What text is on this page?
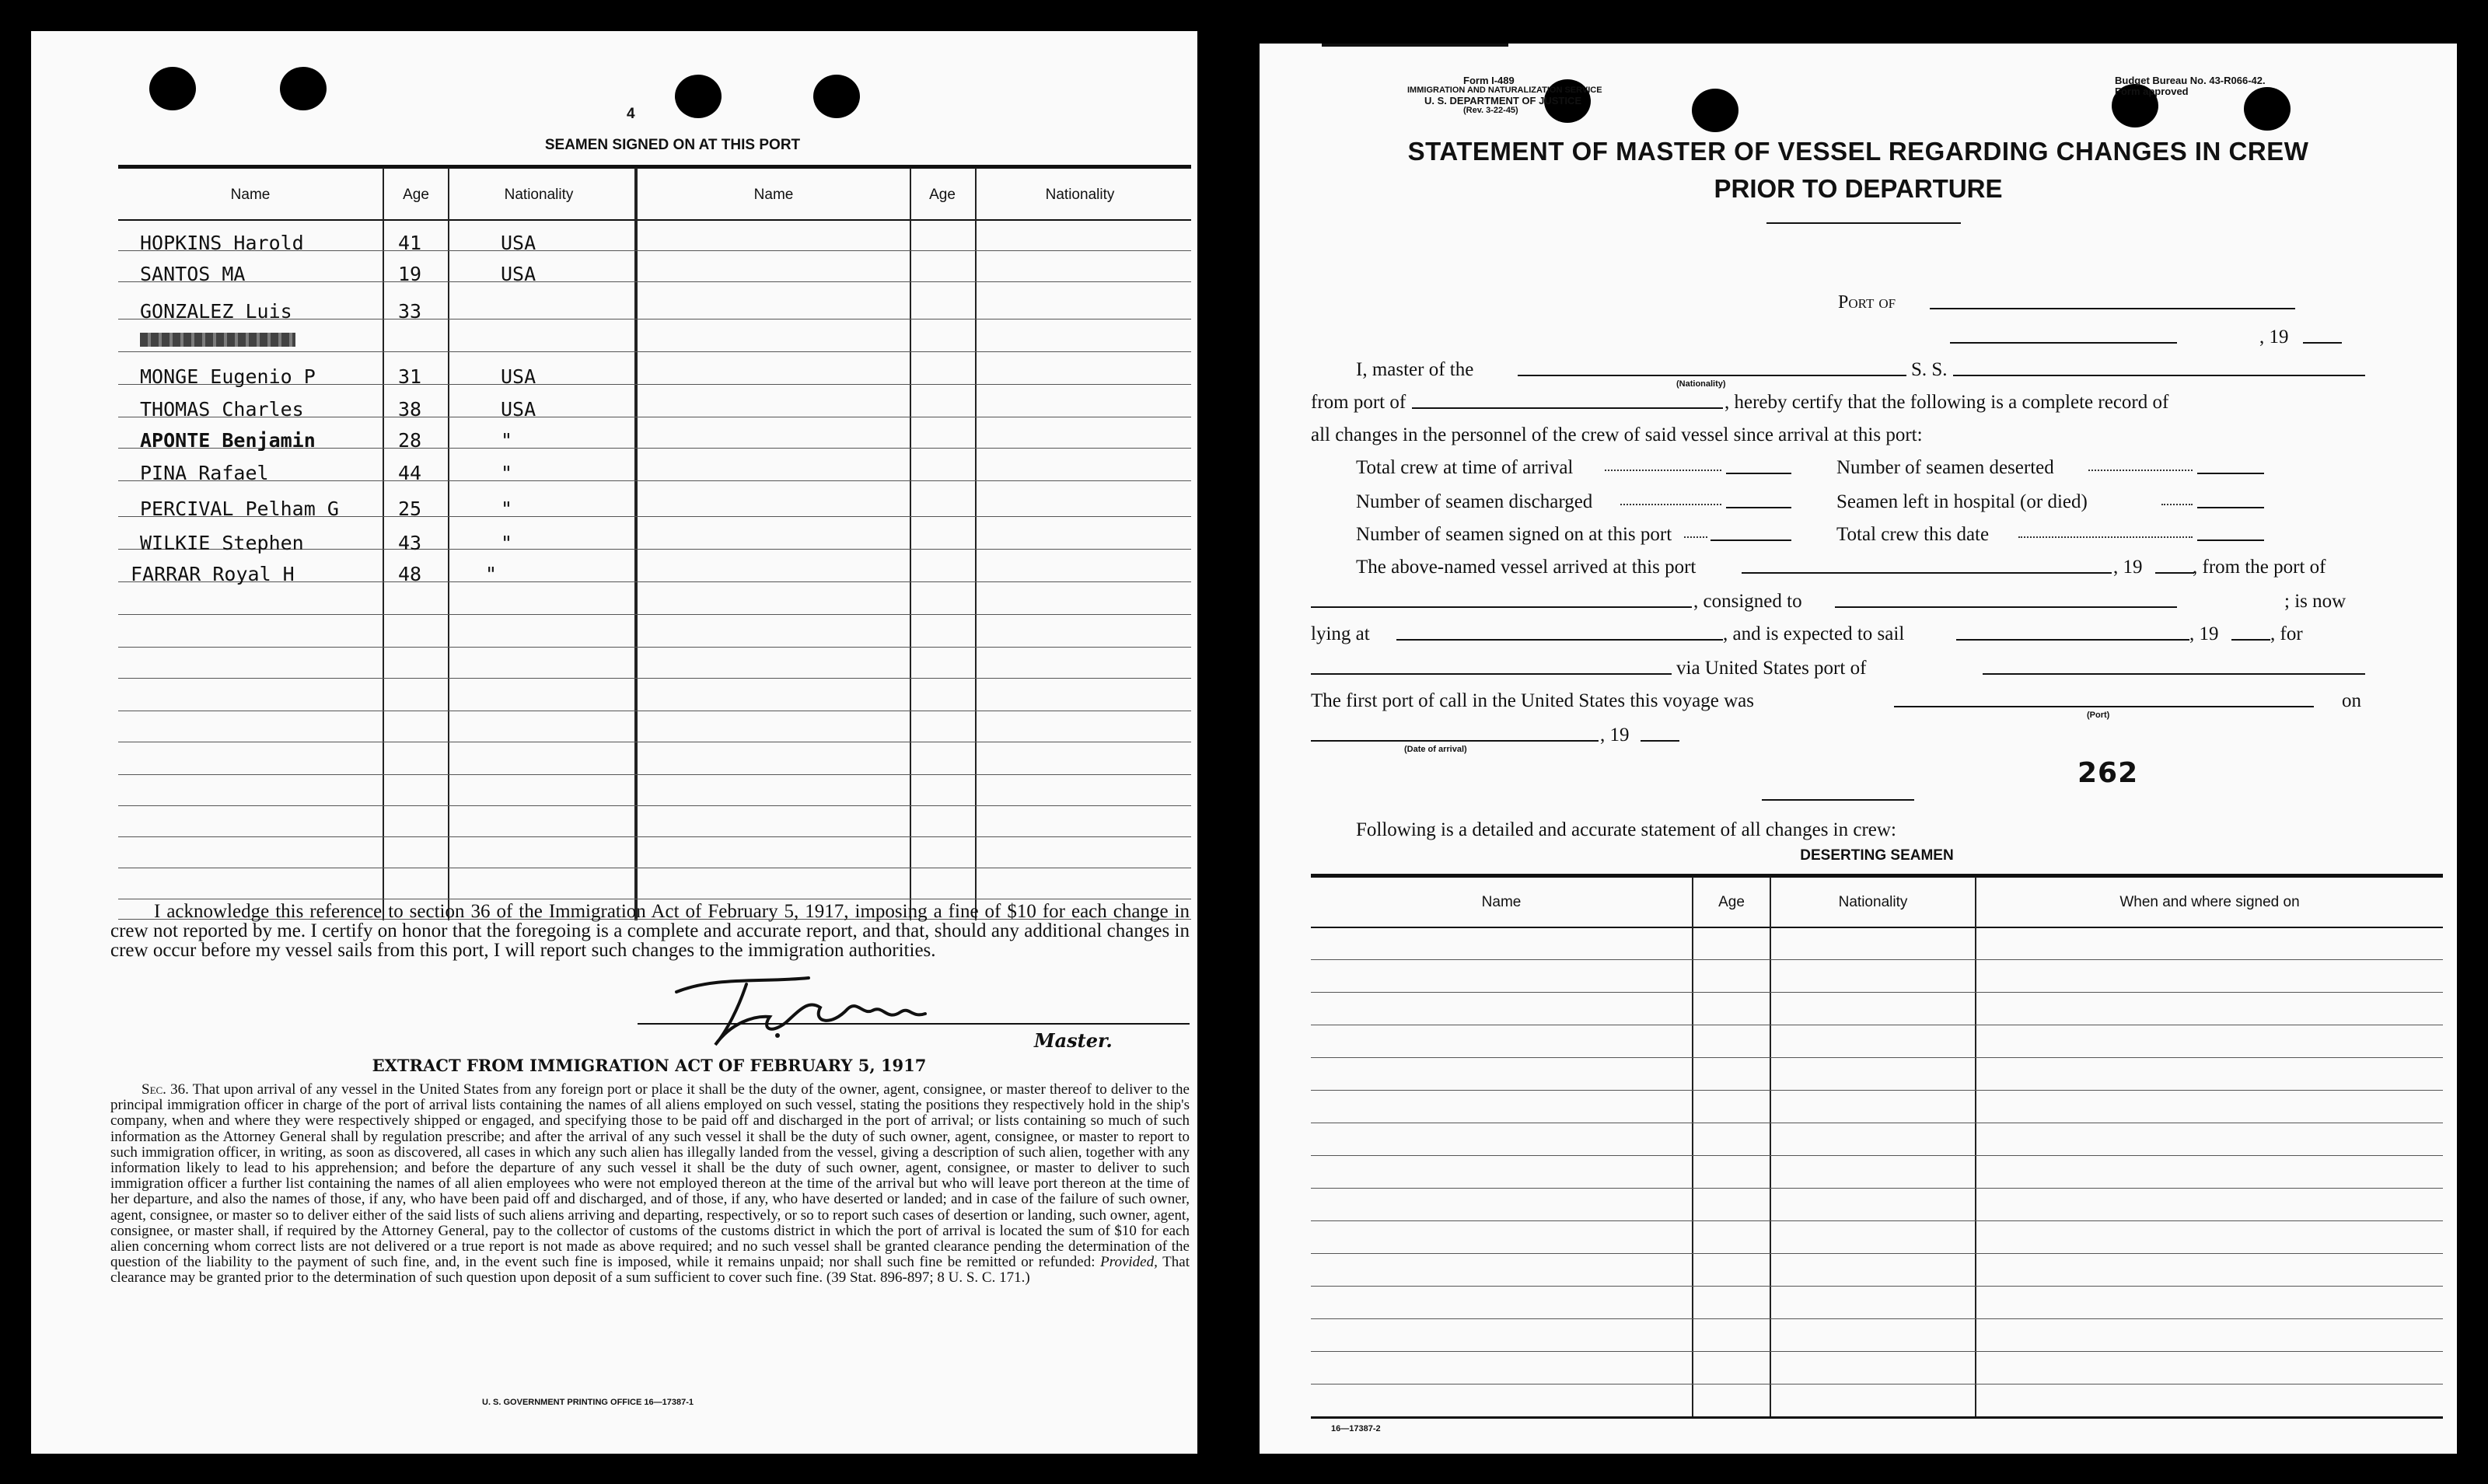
4
SEAMEN SIGNED ON AT THIS PORT
Name	Age	Nationality	Name	Age	Nationality
HOPKINS Harold	41	USA
SANTOS MA	19	USA
GONZALEZ Luis	33
MONGE Eugenio P	31	USA
THOMAS Charles	38	USA
APONTE Benjamin	28	"
PINA Rafael	44	"
PERCIVAL Pelham G	25	"
WILKIE Stephen	43	"
FARRAR Royal H	48	"
I acknowledge this reference to section 36 of the Immigration Act of February 5, 1917, imposing a fine of $10 for each change in crew not reported by me. I certify on honor that the foregoing is a complete and accurate report, and that, should any additional changes in crew occur before my vessel sails from this port, I will report such changes to the immigration authorities.
Master.
EXTRACT FROM IMMIGRATION ACT OF FEBRUARY 5, 1917
Sec. 36. That upon arrival of any vessel in the United States from any foreign port or place it shall be the duty of the owner, agent, consignee, or master thereof to deliver to the principal immigration officer in charge of the port of arrival lists containing the names of all aliens employed on such vessel, stating the positions they respectively hold in the ship's company, when and where they were respectively shipped or engaged, and specifying those to be paid off and discharged in the port of arrival; or lists containing so much of such information as the Attorney General shall by regulation prescribe; and after the arrival of any such vessel it shall be the duty of such owner, agent, consignee, or master to report to such immigration officer, in writing, as soon as discovered, all cases in which any such alien has illegally landed from the vessel, giving a description of such alien, together with any information likely to lead to his apprehension; and before the departure of any such vessel it shall be the duty of such owner, agent, consignee, or master to deliver to such immigration officer a further list containing the names of all alien employees who were not employed thereon at the time of the arrival but who will leave port thereon at the time of her departure, and also the names of those, if any, who have been paid off and discharged, and of those, if any, who have deserted or landed; and in case of the failure of such owner, agent, consignee, or master so to deliver either of the said lists of such aliens arriving and departing, respectively, or so to report such cases of desertion or landing, such owner, agent, consignee, or master shall, if required by the Attorney General, pay to the collector of customs of the customs district in which the port of arrival is located the sum of $10 for each alien concerning whom correct lists are not delivered or a true report is not made as above required; and no such vessel shall be granted clearance pending the determination of the question of the liability to the payment of such fine, and, in the event such fine is imposed, while it remains unpaid; nor shall such fine be remitted or refunded: Provided, That clearance may be granted prior to the determination of such question upon deposit of a sum sufficient to cover such fine. (39 Stat. 896-897; 8 U. S. C. 171.)
U. S. GOVERNMENT PRINTING OFFICE 16—17387-1
Form I-489
IMMIGRATION AND NATURALIZATION SERVICE
U. S. DEPARTMENT OF JUSTICE
(Rev. 3-22-45)
Budget Bureau No. 43-R066-42.
Form approved
STATEMENT OF MASTER OF VESSEL REGARDING CHANGES IN CREW
PRIOR TO DEPARTURE
Port of
, 19
I, master of the
(Nationality)
S. S.
from port of	, hereby certify that the following is a complete record of
all changes in the personnel of the crew of said vessel since arrival at this port:
Total crew at time of arrival	Number of seamen deserted
Number of seamen discharged	Seamen left in hospital (or died)
Number of seamen signed on at this port	Total crew this date
The above-named vessel arrived at this port	, 19	, from the port of
, consigned to	; is now
lying at	, and is expected to sail	, 19	, for
via United States port of
The first port of call in the United States this voyage was	on
(Port)
, 19
(Date of arrival)
262
Following is a detailed and accurate statement of all changes in crew:
DESERTING SEAMEN
Name	Age	Nationality	When and where signed on
16—17387-2
